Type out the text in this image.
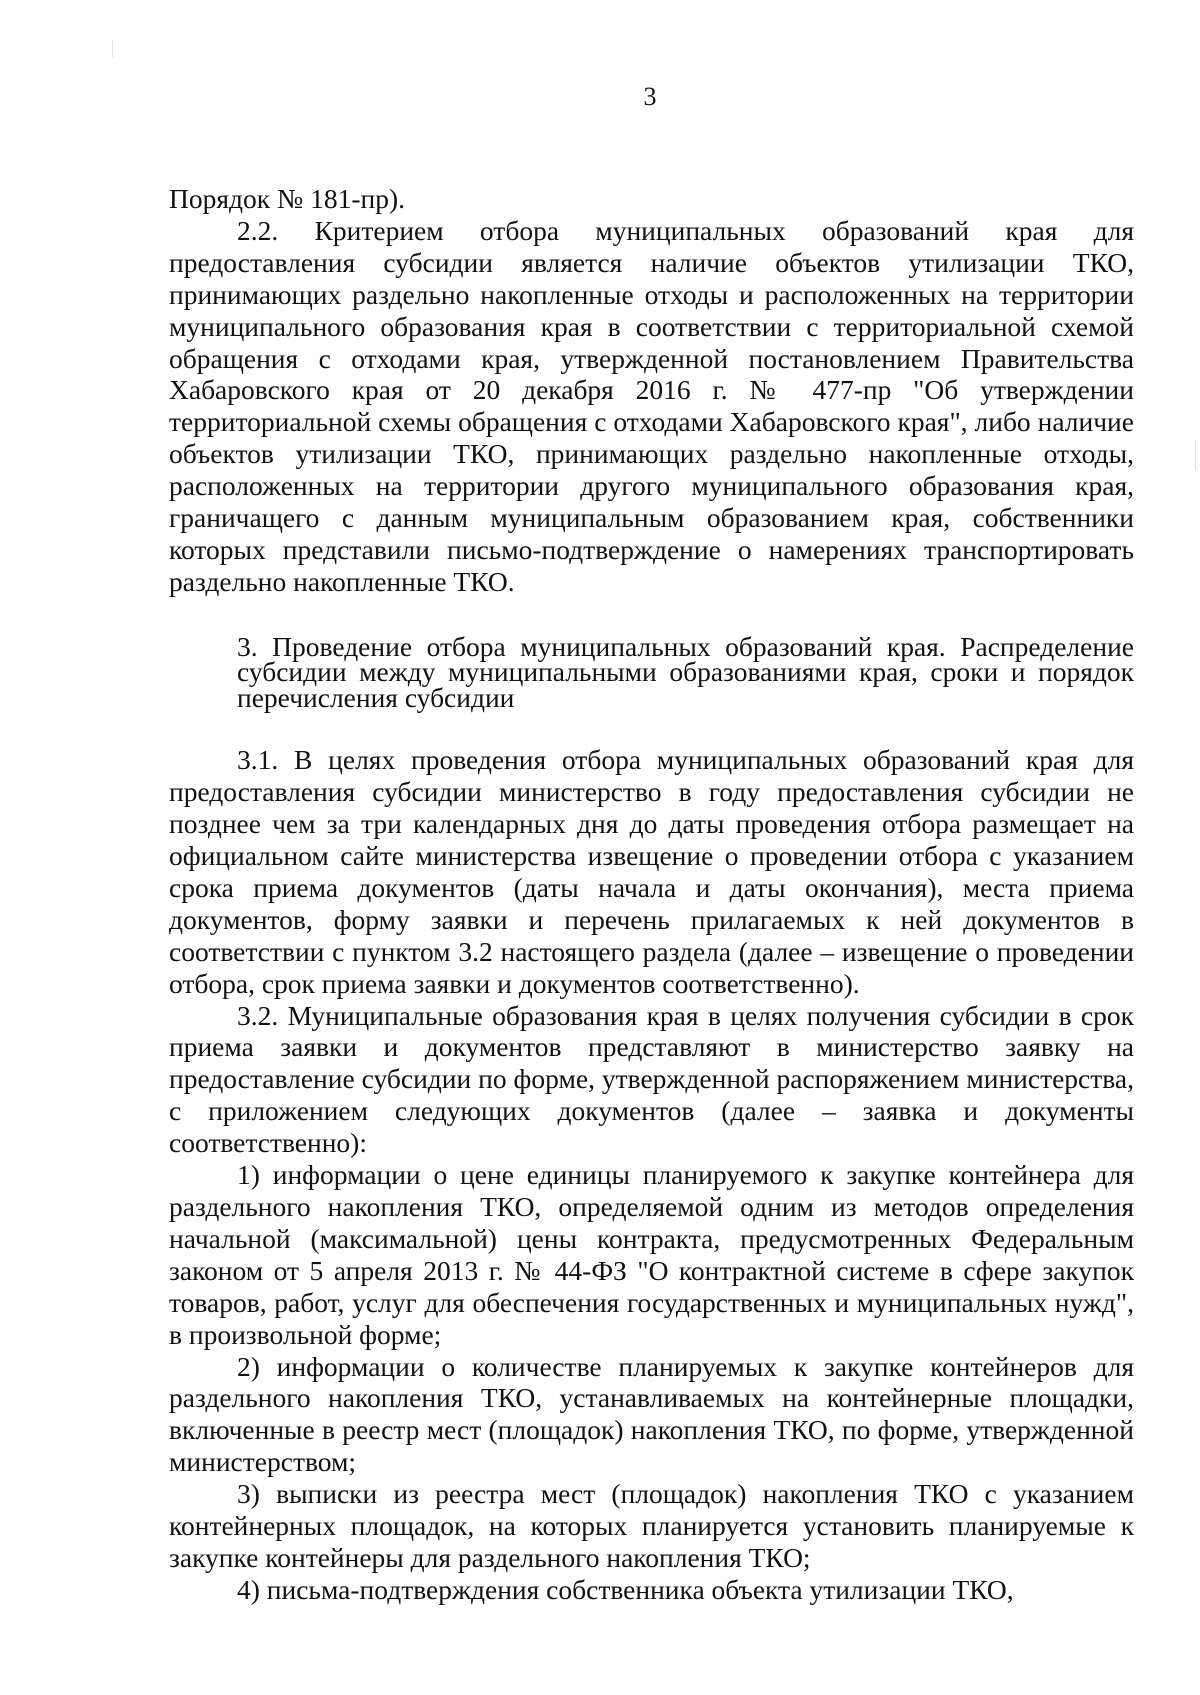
3

Порядок № 181-пр).

2.2. Критерием отбора муниципальных образований края для предоставления субсидии является наличие объектов утилизации ТКО, принимающих раздельно накопленные отходы и расположенных на территории муниципального образования края в соответствии с территориальной схемой обращения с отходами края, утвержденной постановлением Правительства Хабаровского края от 20 декабря 2016 г. № 477-пр "Об утверждении территориальной схемы обращения с отходами Хабаровского края", либо наличие объектов утилизации ТКО, принимающих раздельно накопленные отходы, расположенных на территории другого муниципального образования края, граничащего с данным муниципальным образованием края, собственники которых представили письмо-подтверждение о намерениях транспортировать раздельно накопленные ТКО.

3. Проведение отбора муниципальных образований края. Распределение субсидии между муниципальными образованиями края, сроки и порядок перечисления субсидии

3.1. В целях проведения отбора муниципальных образований края для предоставления субсидии министерство в году предоставления субсидии не позднее чем за три календарных дня до даты проведения отбора размещает на официальном сайте министерства извещение о проведении отбора с указанием срока приема документов (даты начала и даты окончания), места приема документов, форму заявки и перечень прилагаемых к ней документов в соответствии с пунктом 3.2 настоящего раздела (далее – извещение о проведении отбора, срок приема заявки и документов соответственно).

3.2. Муниципальные образования края в целях получения субсидии в срок приема заявки и документов представляют в министерство заявку на предоставление субсидии по форме, утвержденной распоряжением министерства, с приложением следующих документов (далее – заявка и документы соответственно):

1) информации о цене единицы планируемого к закупке контейнера для раздельного накопления ТКО, определяемой одним из методов определения начальной (максимальной) цены контракта, предусмотренных Федеральным законом от 5 апреля 2013 г. № 44-ФЗ "О контрактной системе в сфере закупок товаров, работ, услуг для обеспечения государственных и муниципальных нужд", в произвольной форме;

2) информации о количестве планируемых к закупке контейнеров для раздельного накопления ТКО, устанавливаемых на контейнерные площадки, включенные в реестр мест (площадок) накопления ТКО, по форме, утвержденной министерством;

3) выписки из реестра мест (площадок) накопления ТКО с указанием контейнерных площадок, на которых планируется установить планируемые к закупке контейнеры для раздельного накопления ТКО;

4) письма-подтверждения собственника объекта утилизации ТКО,
